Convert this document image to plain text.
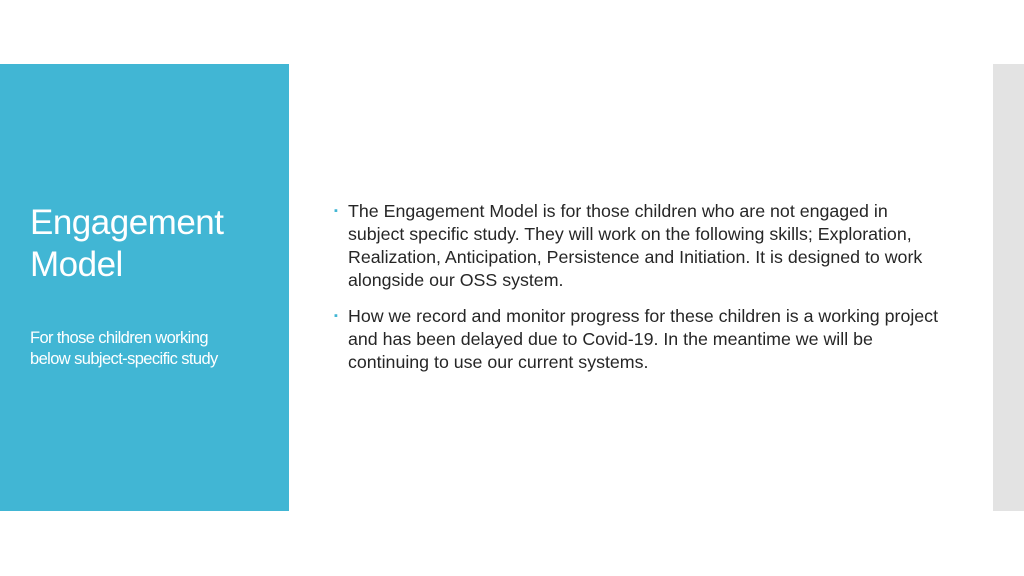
Engagement
Model
For those children working
below subject-specific study
▪ The Engagement Model is for those children who are not engaged in subject specific study. They will work on the following skills; Exploration, Realization, Anticipation, Persistence and Initiation. It is designed to work alongside our OSS system.
▪ How we record and monitor progress for these children is a working project and has been delayed due to Covid-19. In the meantime we will be continuing to use our current systems.
